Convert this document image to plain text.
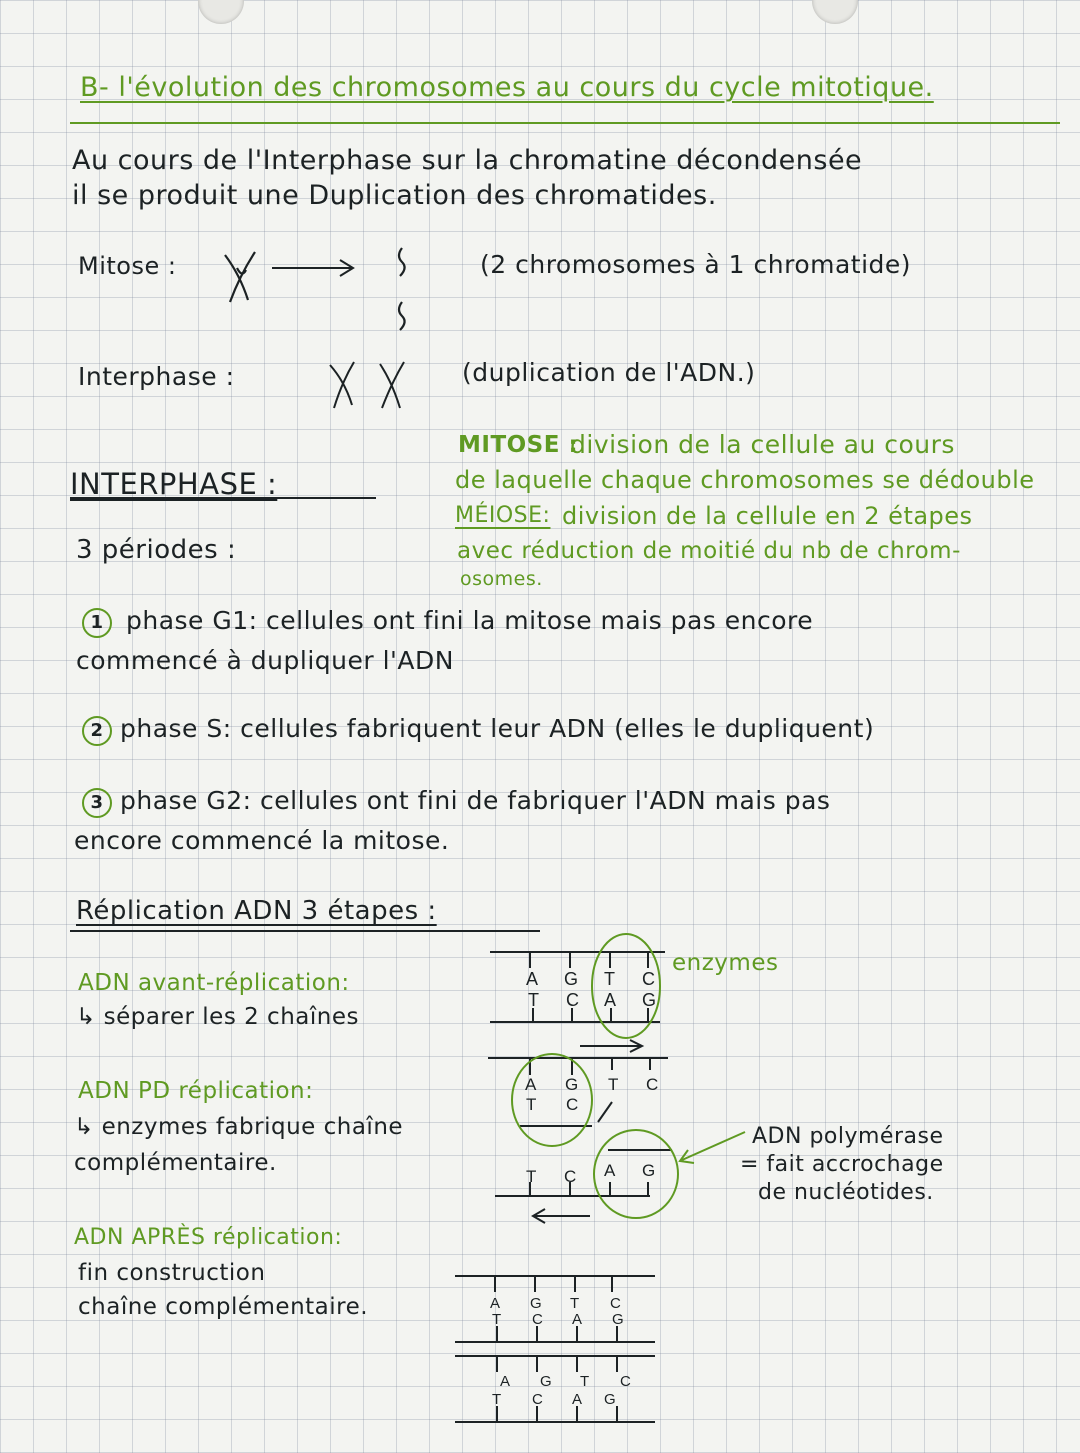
B- l'évolution des chromosomes au cours du cycle mitotique.
Au cours de l'Interphase sur la chromatine décondensée
il se produit une Duplication des chromatides.
Mitose :	(2 chromosomes à 1 chromatide)
Interphase :	(duplication de l'ADN.)
MITOSE :
division de la cellule au cours
de laquelle chaque chromosomes se dédouble
MÉIOSE: division de la cellule en 2 étapes
avec réduction de moitié du nb de chrom-
osomes.
INTERPHASE :
3 périodes :
1 phase G1: cellules ont fini la mitose mais pas encore
commencé à dupliquer l'ADN
2 phase S: cellules fabriquent leur ADN (elles le dupliquent)
3 phase G2: cellules ont fini de fabriquer l'ADN mais pas
encore commencé la mitose.
Réplication ADN 3 étapes :
ADN avant-réplication:
↳ séparer les 2 chaînes
ADN PD réplication:
↳ enzymes fabrique chaîne
complémentaire.
ADN APRÈS réplication:
fin construction
chaîne complémentaire.
enzymes
ADN polymérase
= fait accrochage
de nucléotides.
A G T C
T C A G
A G T C
T C
T C A G
A G T C
T C A G
A G T C
T C A G
